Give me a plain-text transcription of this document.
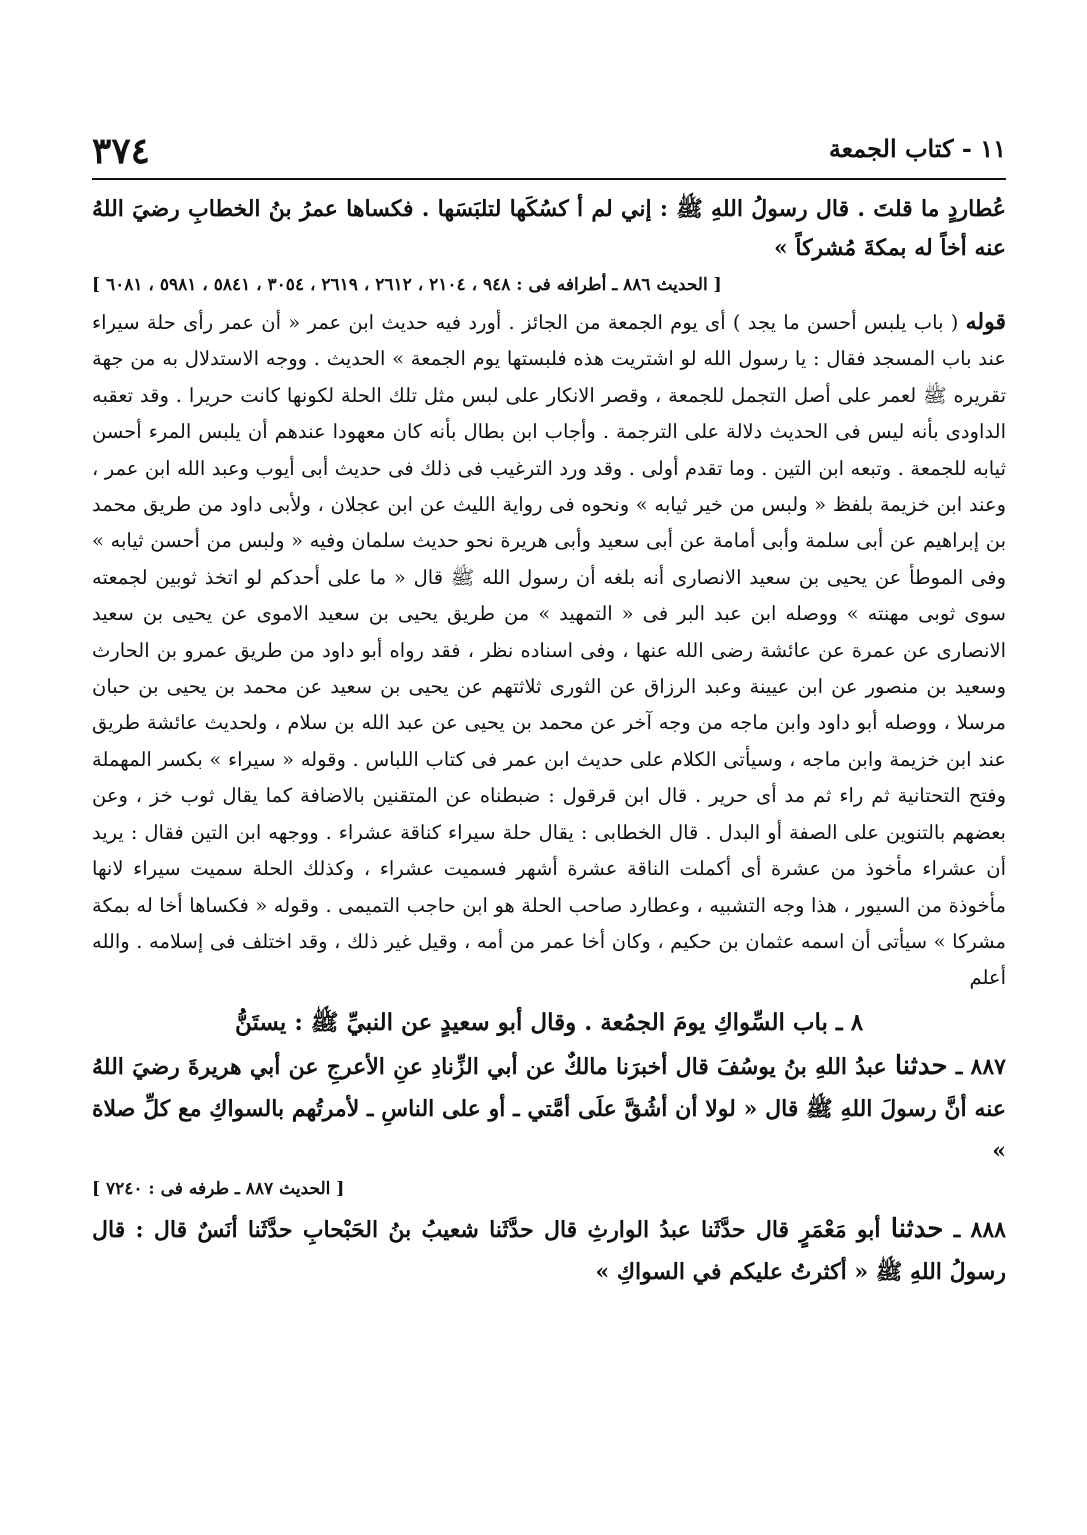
١١ - كتاب الجمعة
٣٧٤

عُطاردٍ ما قلتَ . قال رسولُ اللهِ ﷺ : إني لم أ كسُكَها لتلبَسَها . فكساها عمرُ بنُ الخطابِ رضيَ اللهُ عنه أخاً له بمكةَ مُشركاً »

[ الحديث ٨٨٦ ـ أطرافه فى : ٩٤٨ ، ٢١٠٤ ، ٢٦١٢ ، ٢٦١٩ ، ٣٠٥٤ ، ٥٨٤١ ، ٥٩٨١ ، ٦٠٨١ ]

قوله ( باب يلبس أحسن ما يجد ) أى يوم الجمعة من الجائز . أورد فيه حديث ابن عمر « أن عمر رأى حلة سيراء عند باب المسجد فقال : يا رسول الله لو اشتريت هذه فلبستها يوم الجمعة » الحديث . ووجه الاستدلال به من جهة تقريره ﷺ لعمر على أصل التجمل للجمعة ، وقصر الانكار على لبس مثل تلك الحلة لكونها كانت حريرا . وقد تعقبه الداودى بأنه ليس فى الحديث دلالة على الترجمة . وأجاب ابن بطال بأنه كان معهودا عندهم أن يلبس المرء أحسن ثيابه للجمعة . وتبعه ابن التين . وما تقدم أولى . وقد ورد الترغيب فى ذلك فى حديث أبى أيوب وعبد الله ابن عمر ، وعند ابن خزيمة بلفظ « ولبس من خير ثيابه » ونحوه فى رواية الليث عن ابن عجلان ، ولأبى داود من طريق محمد بن إبراهيم عن أبى سلمة وأبى أمامة عن أبى سعيد وأبى هريرة نحو حديث سلمان وفيه « ولبس من أحسن ثيابه » وفى الموطأ عن يحيى بن سعيد الانصارى أنه بلغه أن رسول الله ﷺ قال « ما على أحدكم لو اتخذ ثوبين لجمعته سوى ثوبى مهنته » ووصله ابن عبد البر فى « التمهيد » من طريق يحيى بن سعيد الاموى عن يحيى بن سعيد الانصارى عن عمرة عن عائشة رضى الله عنها ، وفى اسناده نظر ، فقد رواه أبو داود من طريق عمرو بن الحارث وسعيد بن منصور عن ابن عيينة وعبد الرزاق عن الثورى ثلاثتهم عن يحيى بن سعيد عن محمد بن يحيى بن حبان مرسلا ، ووصله أبو داود وابن ماجه من وجه آخر عن محمد بن يحيى عن عبد الله بن سلام ، ولحديث عائشة طريق عند ابن خزيمة وابن ماجه ، وسيأتى الكلام على حديث ابن عمر فى كتاب اللباس . وقوله « سيراء » بكسر المهملة وفتح التحتانية ثم راء ثم مد أى حرير . قال ابن قرقول : ضبطناه عن المتقنين بالاضافة كما يقال ثوب خز ، وعن بعضهم بالتنوين على الصفة أو البدل . قال الخطابى : يقال حلة سيراء كناقة عشراء . ووجهه ابن التين فقال : يريد أن عشراء مأخوذ من عشرة أى أكملت الناقة عشرة أشهر فسميت عشراء ، وكذلك الحلة سميت سيراء لانها مأخوذة من السيور ، هذا وجه التشبيه ، وعطارد صاحب الحلة هو ابن حاجب التميمى . وقوله « فكساها أخا له بمكة مشركا » سيأتى أن اسمه عثمان بن حكيم ، وكان أخا عمر من أمه ، وقيل غير ذلك ، وقد اختلف فى إسلامه . والله أعلم

٨ ـ باب السِّواكِ يومَ الجمُعة . وقال أبو سعيدٍ عن النبيِّ ﷺ : يستَنُّ

٨٨٧ ـ حدثنا عبدُ اللهِ بنُ يوسُفَ قال أخبرَنا مالكٌ عن أبي الزِّنادِ عنِ الأعرجِ عن أبي هريرةَ رضيَ اللهُ عنه أنَّ رسولَ اللهِ ﷺ قال « لولا أن أشُقَّ علَى أمَّتي ـ أو على الناسِ ـ لأمرتُهم بالسواكِ مع كلِّ صلاة »

[ الحديث ٨٨٧ ـ طرفه فى : ٧٢٤٠ ]

٨٨٨ ـ حدثنا أبو مَعْمَرٍ قال حدَّثَنا عبدُ الوارثِ قال حدَّثَنا شعيبُ بنُ الحَبْحابِ حدَّثَنا أنَسٌ قال : قال رسولُ اللهِ ﷺ « أكثرتُ عليكم في السواكِ »
